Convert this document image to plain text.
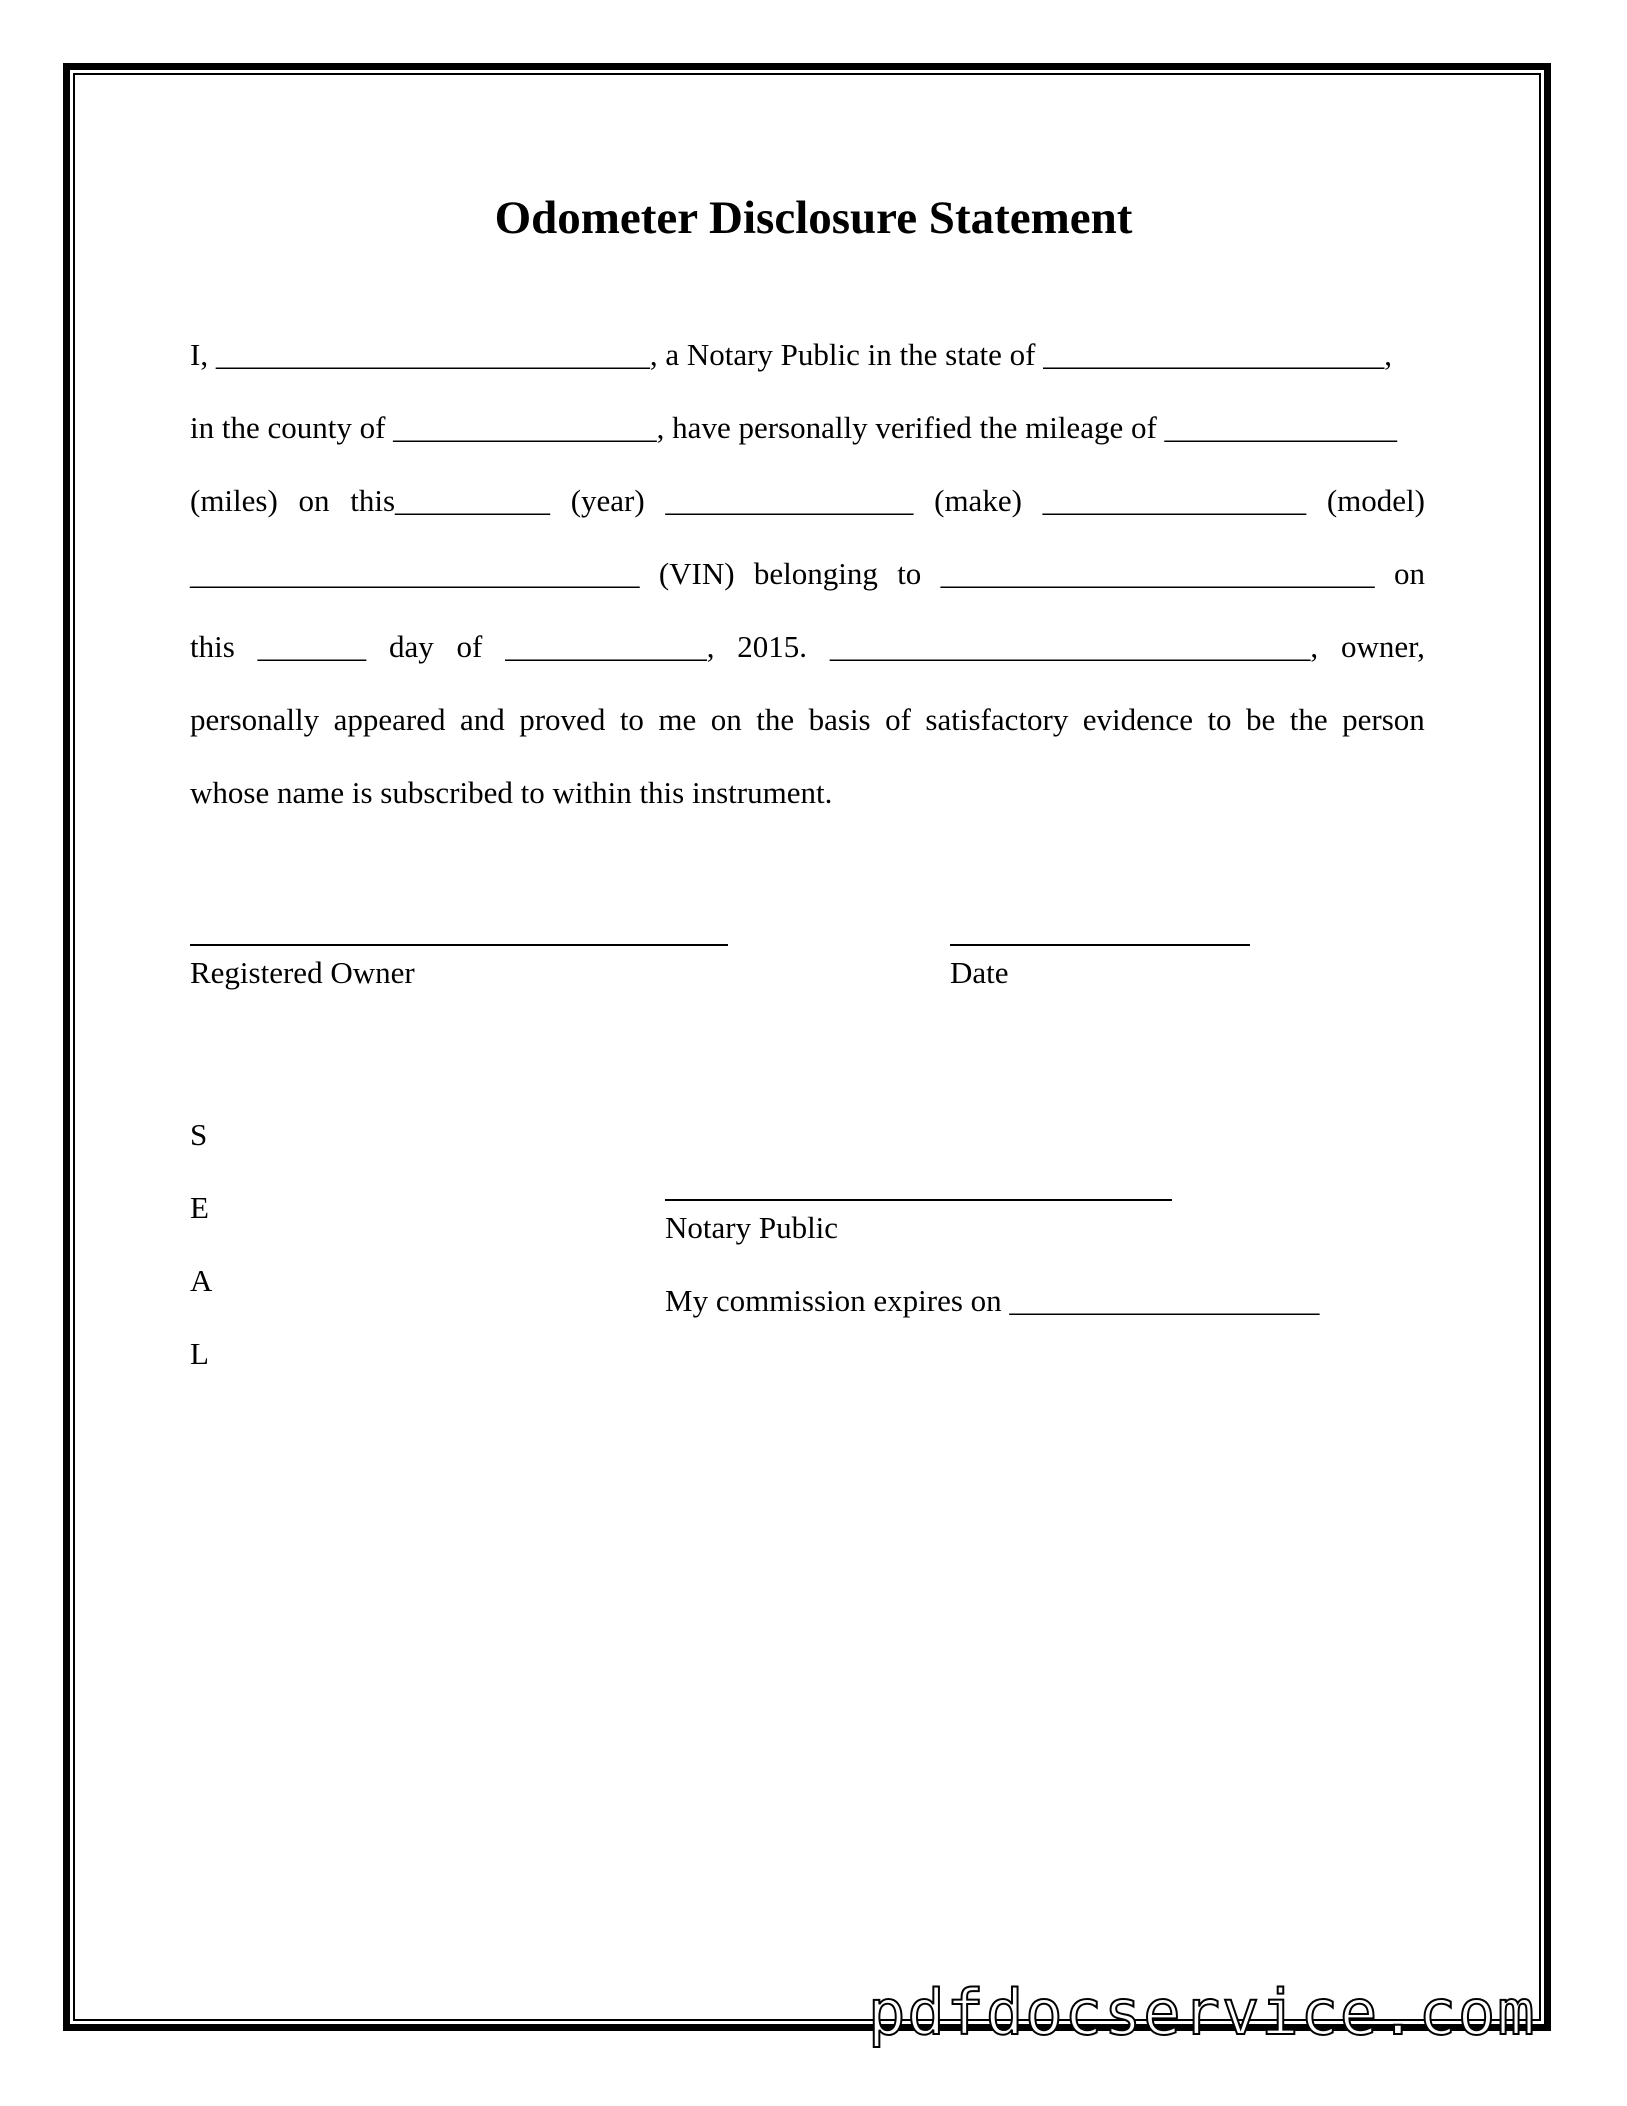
Odometer Disclosure Statement
I, ____________________________, a Notary Public in the state of ______________________,
in the county of _________________, have personally verified the mileage of _______________
(miles) on this__________ (year) ________________ (make) _________________ (model)
_____________________________ (VIN) belonging to ____________________________ on
this _______ day of _____________, 2015. _______________________________, owner,
personally appeared and proved to me on the basis of satisfactory evidence to be the person
whose name is subscribed to within this instrument.

Registered Owner	Date

S
E
A
L

Notary Public

My commission expires on ____________________

pdfdocservice.com
